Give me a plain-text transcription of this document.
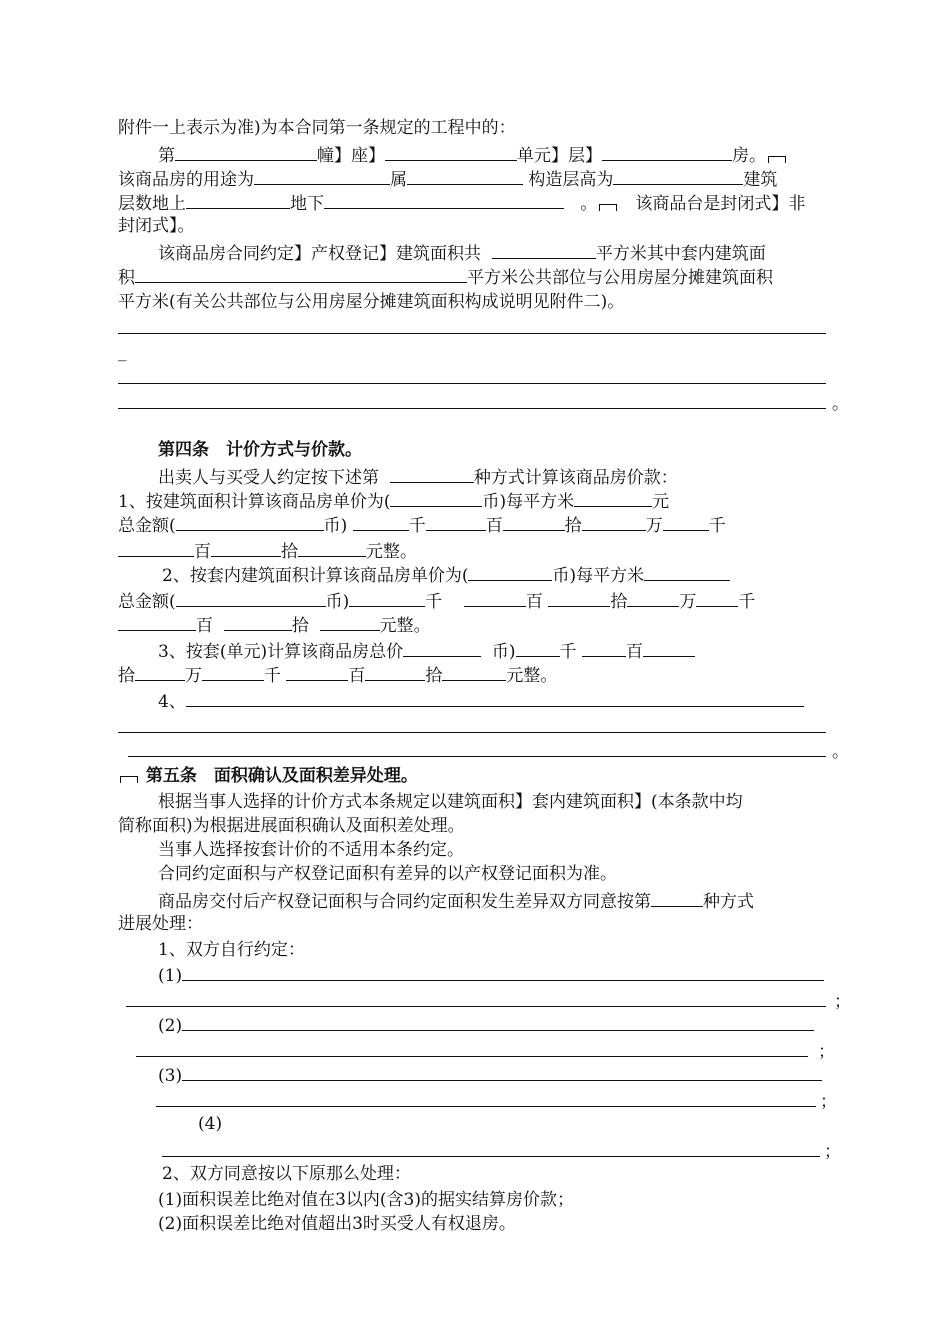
附件一上表示为准)为本合同第一条规定的工程中的：
第	幢】座】	单元】层】	房。
该商品房的用途为	属	构造层高为	建筑
层数地上	地下	。 该商品台是封闭式】非
封闭式】。
该商品房合同约定】产权登记】建筑面积共	平方米其中套内建筑面
积	平方米公共部位与公用房屋分摊建筑面积
平方米(有关公共部位与公用房屋分摊建筑面积构成说明见附件二)。
_
。
第四条　计价方式与价款。
出卖人与买受人约定按下述第	种方式计算该商品房价款：
1、按建筑面积计算该商品房单价为(	币)每平方米	元
总金额(	币)	千	百	拾	万	千
百	拾	元整。
2、按套内建筑面积计算该商品房单价为(	币)每平方米
总金额(	币)	千	百	拾	万 千
百	拾	元整。
3、按套(单元)计算该商品房总价	币)	千	百
拾	万	千	百	拾	元整。
4、
。
第五条　面积确认及面积差异处理。
根据当事人选择的计价方式本条规定以建筑面积】套内建筑面积】(本条款中均
简称面积)为根据进展面积确认及面积差处理。
当事人选择按套计价的不适用本条约定。
合同约定面积与产权登记面积有差异的以产权登记面积为准。
商品房交付后产权登记面积与合同约定面积发生差异双方同意按第	种方式
进展处理：
1、双方自行约定：
(1)
；
(2)
；
(3)
；
(4)
；
2、双方同意按以下原那么处理：
(1)面积误差比绝对值在3以内(含3)的据实结算房价款；
(2)面积误差比绝对值超出3时买受人有权退房。
